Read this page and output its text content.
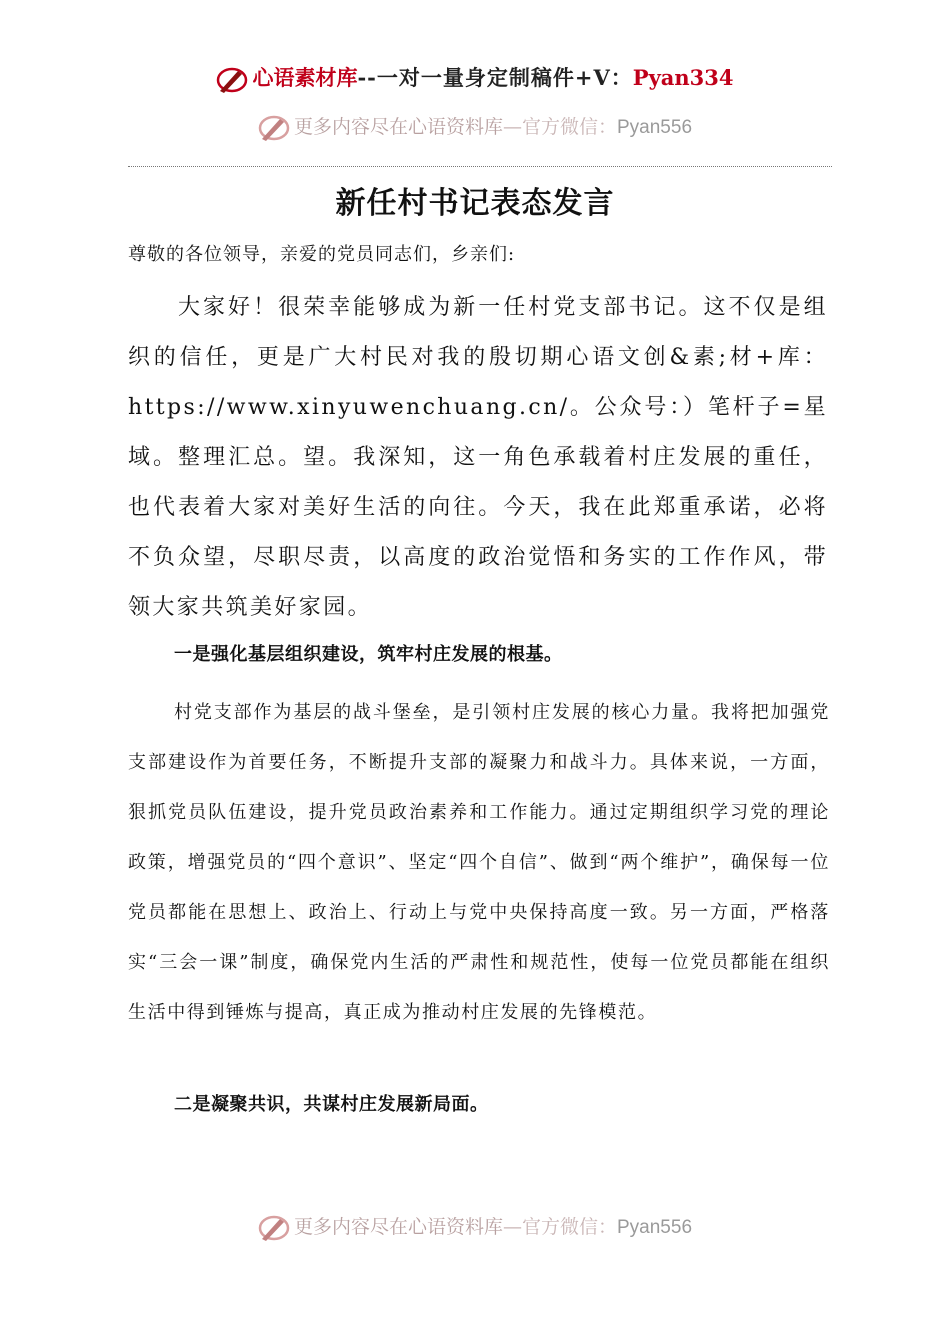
心语素材库--一对一量身定制稿件+V：Pyan334
更多内容尽在心语资料库—官方微信：Pyan556
新任村书记表态发言
尊敬的各位领导，亲爱的党员同志们，乡亲们:

大家好！很荣幸能够成为新一任村党支部书记。这不仅是组织的信任，更是广大村民对我的殷切期心语文创&素;材+库：https://www.xinyuwenchuang.cn/。公众号：）笔杆子=星域。整理汇总。望。我深知，这一角色承载着村庄发展的重任，也代表着大家对美好生活的向往。今天，我在此郑重承诺，必将不负众望，尽职尽责，以高度的政治觉悟和务实的工作作风，带领大家共筑美好家园。

一是强化基层组织建设，筑牢村庄发展的根基。

村党支部作为基层的战斗堡垒，是引领村庄发展的核心力量。我将把加强党支部建设作为首要任务，不断提升支部的凝聚力和战斗力。具体来说，一方面，狠抓党员队伍建设，提升党员政治素养和工作能力。通过定期组织学习党的理论政策，增强党员的“四个意识”、坚定“四个自信”、做到“两个维护”，确保每一位党员都能在思想上、政治上、行动上与党中央保持高度一致。另一方面，严格落实“三会一课”制度，确保党内生活的严肃性和规范性，使每一位党员都能在组织生活中得到锤炼与提高，真正成为推动村庄发展的先锋模范。

二是凝聚共识，共谋村庄发展新局面。
更多内容尽在心语资料库—官方微信：Pyan556
